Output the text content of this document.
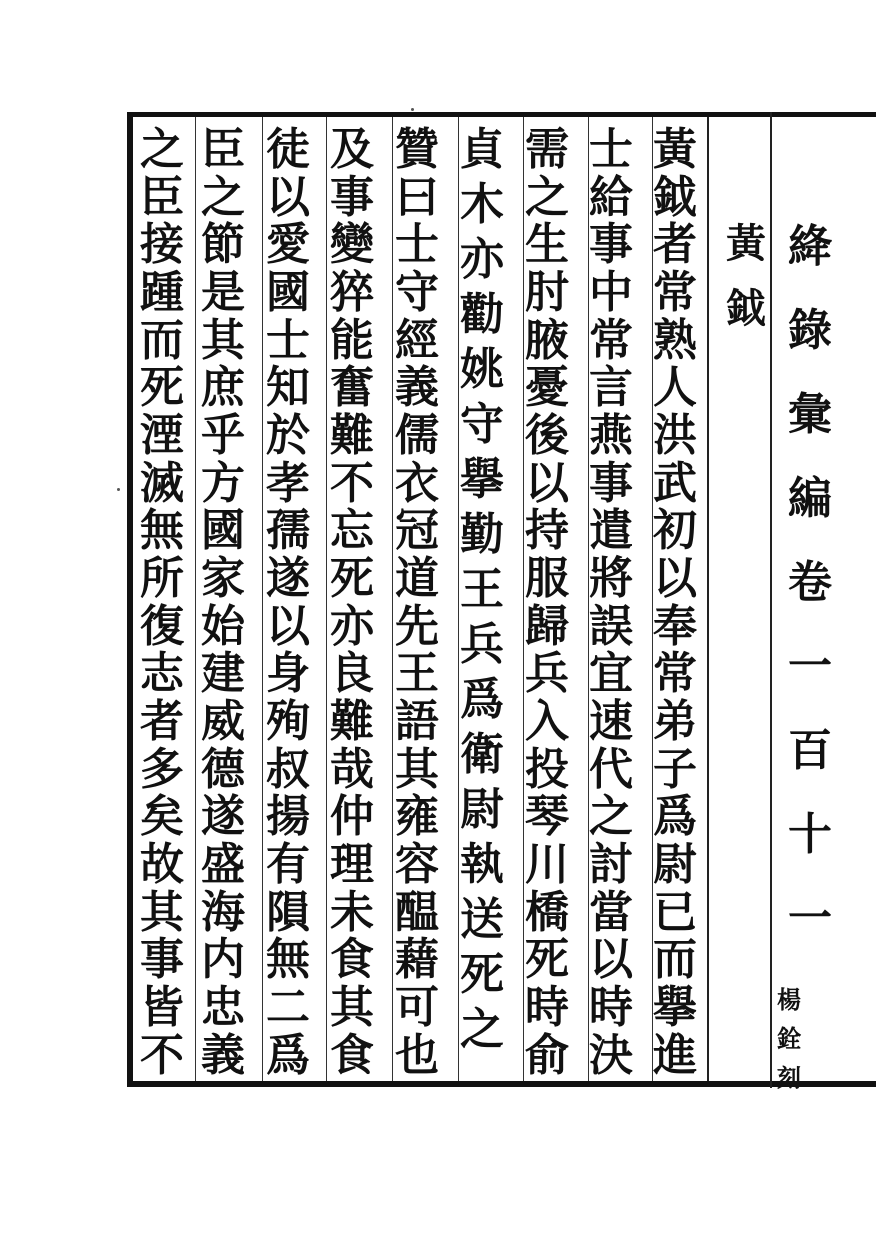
黃
鉞
者
常
熟
人
洪
武
初
以
奉
常
弟
子
爲
尉
已
而
擧
進
士
給
事
中
常
言
燕
事
遣
將
誤
宜
速
代
之
討
當
以
時
決
需
之
生
肘
腋
憂
後
以
持
服
歸
兵
入
投
琴
川
橋
死
時
俞
貞
木
亦
勸
姚
守
擧
勤
王
兵
爲
衛
尉
執
送
死
之
贊
曰
士
守
經
義
儒
衣
冠
道
先
王
語
其
雍
容
醖
藉
可
也
及
事
變
猝
能
奮
難
不
忘
死
亦
良
難
哉
仲
理
未
食
其
食
徒
以
愛
國
士
知
於
孝
孺
遂
以
身
殉
叔
揚
有
隕
無
二
爲
臣
之
節
是
其
庶
乎
方
國
家
始
建
威
德
遂
盛
海
内
忠
義
之
臣
接
踵
而
死
湮
滅
無
所
復
志
者
多
矣
故
其
事
皆
不
黃
鉞
絳
錄
彙
編
卷
一
百
十
一
楊
銓
刻
